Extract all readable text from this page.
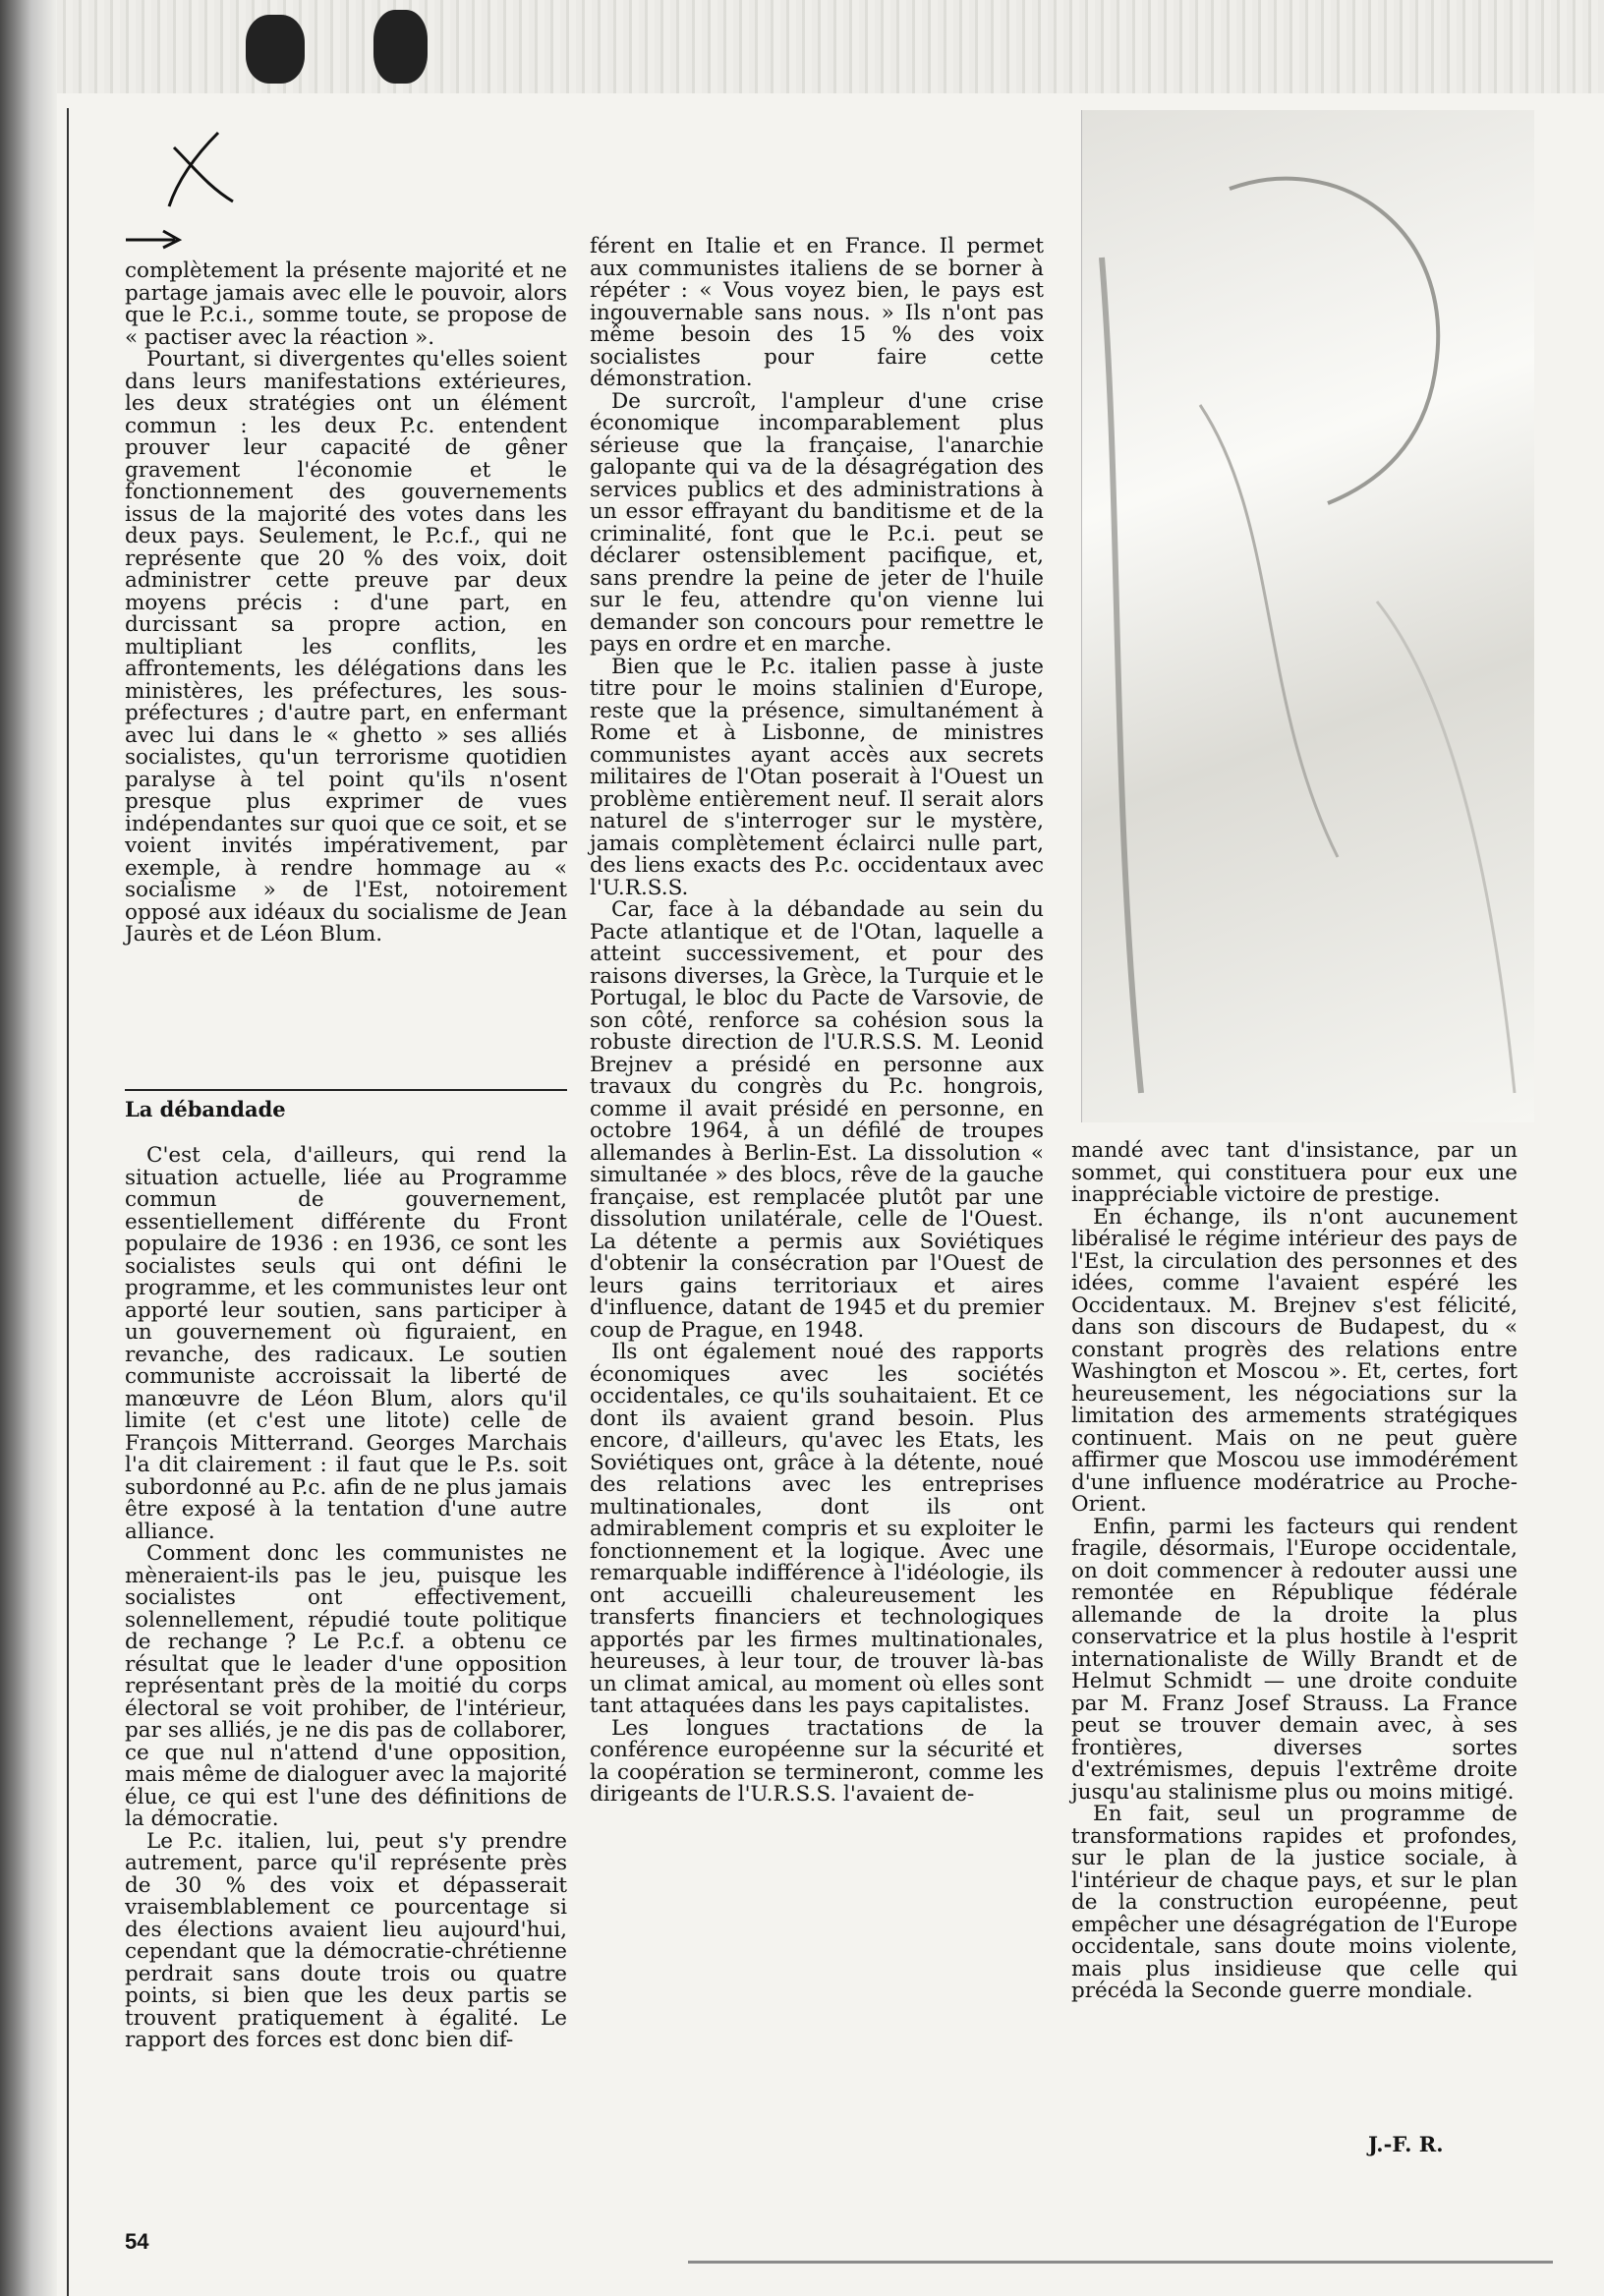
complètement la présente majorité et ne partage jamais avec elle le pouvoir, alors que le P.c.i., somme toute, se propose de « pactiser avec la réaction ».

Pourtant, si divergentes qu'elles soient dans leurs manifestations extérieures, les deux stratégies ont un élément commun : les deux P.c. entendent prouver leur capacité de gêner gravement l'économie et le fonctionnement des gouvernements issus de la majorité des votes dans les deux pays. Seulement, le P.c.f., qui ne représente que 20 % des voix, doit administrer cette preuve par deux moyens précis : d'une part, en durcissant sa propre action, en multipliant les conflits, les affrontements, les délégations dans les ministères, les préfectures, les sous-préfectures ; d'autre part, en enfermant avec lui dans le « ghetto » ses alliés socialistes, qu'un terrorisme quotidien paralyse à tel point qu'ils n'osent presque plus exprimer de vues indépendantes sur quoi que ce soit, et se voient invités impérativement, par exemple, à rendre hommage au « socialisme » de l'Est, notoirement opposé aux idéaux du socialisme de Jean Jaurès et de Léon Blum.

La débandade

C'est cela, d'ailleurs, qui rend la situation actuelle, liée au Programme commun de gouvernement, essentiellement différente du Front populaire de 1936 : en 1936, ce sont les socialistes seuls qui ont défini le programme, et les communistes leur ont apporté leur soutien, sans participer à un gouvernement où figuraient, en revanche, des radicaux. Le soutien communiste accroissait la liberté de manœuvre de Léon Blum, alors qu'il limite (et c'est une litote) celle de François Mitterrand. Georges Marchais l'a dit clairement : il faut que le P.s. soit subordonné au P.c. afin de ne plus jamais être exposé à la tentation d'une autre alliance.

Comment donc les communistes ne mèneraient-ils pas le jeu, puisque les socialistes ont effectivement, solennellement, répudié toute politique de rechange ? Le P.c.f. a obtenu ce résultat que le leader d'une opposition représentant près de la moitié du corps électoral se voit prohiber, de l'intérieur, par ses alliés, je ne dis pas de collaborer, ce que nul n'attend d'une opposition, mais même de dialoguer avec la majorité élue, ce qui est l'une des définitions de la démocratie.

Le P.c. italien, lui, peut s'y prendre autrement, parce qu'il représente près de 30 % des voix et dépasserait vraisemblablement ce pourcentage si des élections avaient lieu aujourd'hui, cependant que la démocratie-chrétienne perdrait sans doute trois ou quatre points, si bien que les deux partis se trouvent pratiquement à égalité. Le rapport des forces est donc bien dif-

férent en Italie et en France. Il permet aux communistes italiens de se borner à répéter : « Vous voyez bien, le pays est ingouvernable sans nous. » Ils n'ont pas même besoin des 15 % des voix socialistes pour faire cette démonstration.

De surcroît, l'ampleur d'une crise économique incomparablement plus sérieuse que la française, l'anarchie galopante qui va de la désagrégation des services publics et des administrations à un essor effrayant du banditisme et de la criminalité, font que le P.c.i. peut se déclarer ostensiblement pacifique, et, sans prendre la peine de jeter de l'huile sur le feu, attendre qu'on vienne lui demander son concours pour remettre le pays en ordre et en marche.

Bien que le P.c. italien passe à juste titre pour le moins stalinien d'Europe, reste que la présence, simultanément à Rome et à Lisbonne, de ministres communistes ayant accès aux secrets militaires de l'Otan poserait à l'Ouest un problème entièrement neuf. Il serait alors naturel de s'interroger sur le mystère, jamais complètement éclairci nulle part, des liens exacts des P.c. occidentaux avec l'U.R.S.S.

Car, face à la débandade au sein du Pacte atlantique et de l'Otan, laquelle a atteint successivement, et pour des raisons diverses, la Grèce, la Turquie et le Portugal, le bloc du Pacte de Varsovie, de son côté, renforce sa cohésion sous la robuste direction de l'U.R.S.S. M. Leonid Brejnev a présidé en personne aux travaux du congrès du P.c. hongrois, comme il avait présidé en personne, en octobre 1964, à un défilé de troupes allemandes à Berlin-Est. La dissolution « simultanée » des blocs, rêve de la gauche française, est remplacée plutôt par une dissolution unilatérale, celle de l'Ouest. La détente a permis aux Soviétiques d'obtenir la consécration par l'Ouest de leurs gains territoriaux et aires d'influence, datant de 1945 et du premier coup de Prague, en 1948.

Ils ont également noué des rapports économiques avec les sociétés occidentales, ce qu'ils souhaitaient. Et ce dont ils avaient grand besoin. Plus encore, d'ailleurs, qu'avec les Etats, les Soviétiques ont, grâce à la détente, noué des relations avec les entreprises multinationales, dont ils ont admirablement compris et su exploiter le fonctionnement et la logique. Avec une remarquable indifférence à l'idéologie, ils ont accueilli chaleureusement les transferts financiers et technologiques apportés par les firmes multinationales, heureuses, à leur tour, de trouver là-bas un climat amical, au moment où elles sont tant attaquées dans les pays capitalistes.

Les longues tractations de la conférence européenne sur la sécurité et la coopération se termineront, comme les dirigeants de l'U.R.S.S. l'avaient de-

mandé avec tant d'insistance, par un sommet, qui constituera pour eux une inappréciable victoire de prestige.

En échange, ils n'ont aucunement libéralisé le régime intérieur des pays de l'Est, la circulation des personnes et des idées, comme l'avaient espéré les Occidentaux. M. Brejnev s'est félicité, dans son discours de Budapest, du « constant progrès des relations entre Washington et Moscou ». Et, certes, fort heureusement, les négociations sur la limitation des armements stratégiques continuent. Mais on ne peut guère affirmer que Moscou use immodérément d'une influence modératrice au Proche-Orient.

Enfin, parmi les facteurs qui rendent fragile, désormais, l'Europe occidentale, on doit commencer à redouter aussi une remontée en République fédérale allemande de la droite la plus conservatrice et la plus hostile à l'esprit internationaliste de Willy Brandt et de Helmut Schmidt — une droite conduite par M. Franz Josef Strauss. La France peut se trouver demain avec, à ses frontières, diverses sortes d'extrémismes, depuis l'extrême droite jusqu'au stalinisme plus ou moins mitigé.

En fait, seul un programme de transformations rapides et profondes, sur le plan de la justice sociale, à l'intérieur de chaque pays, et sur le plan de la construction européenne, peut empêcher une désagrégation de l'Europe occidentale, sans doute moins violente, mais plus insidieuse que celle qui précéda la Seconde guerre mondiale.

J.-F. R.
54
